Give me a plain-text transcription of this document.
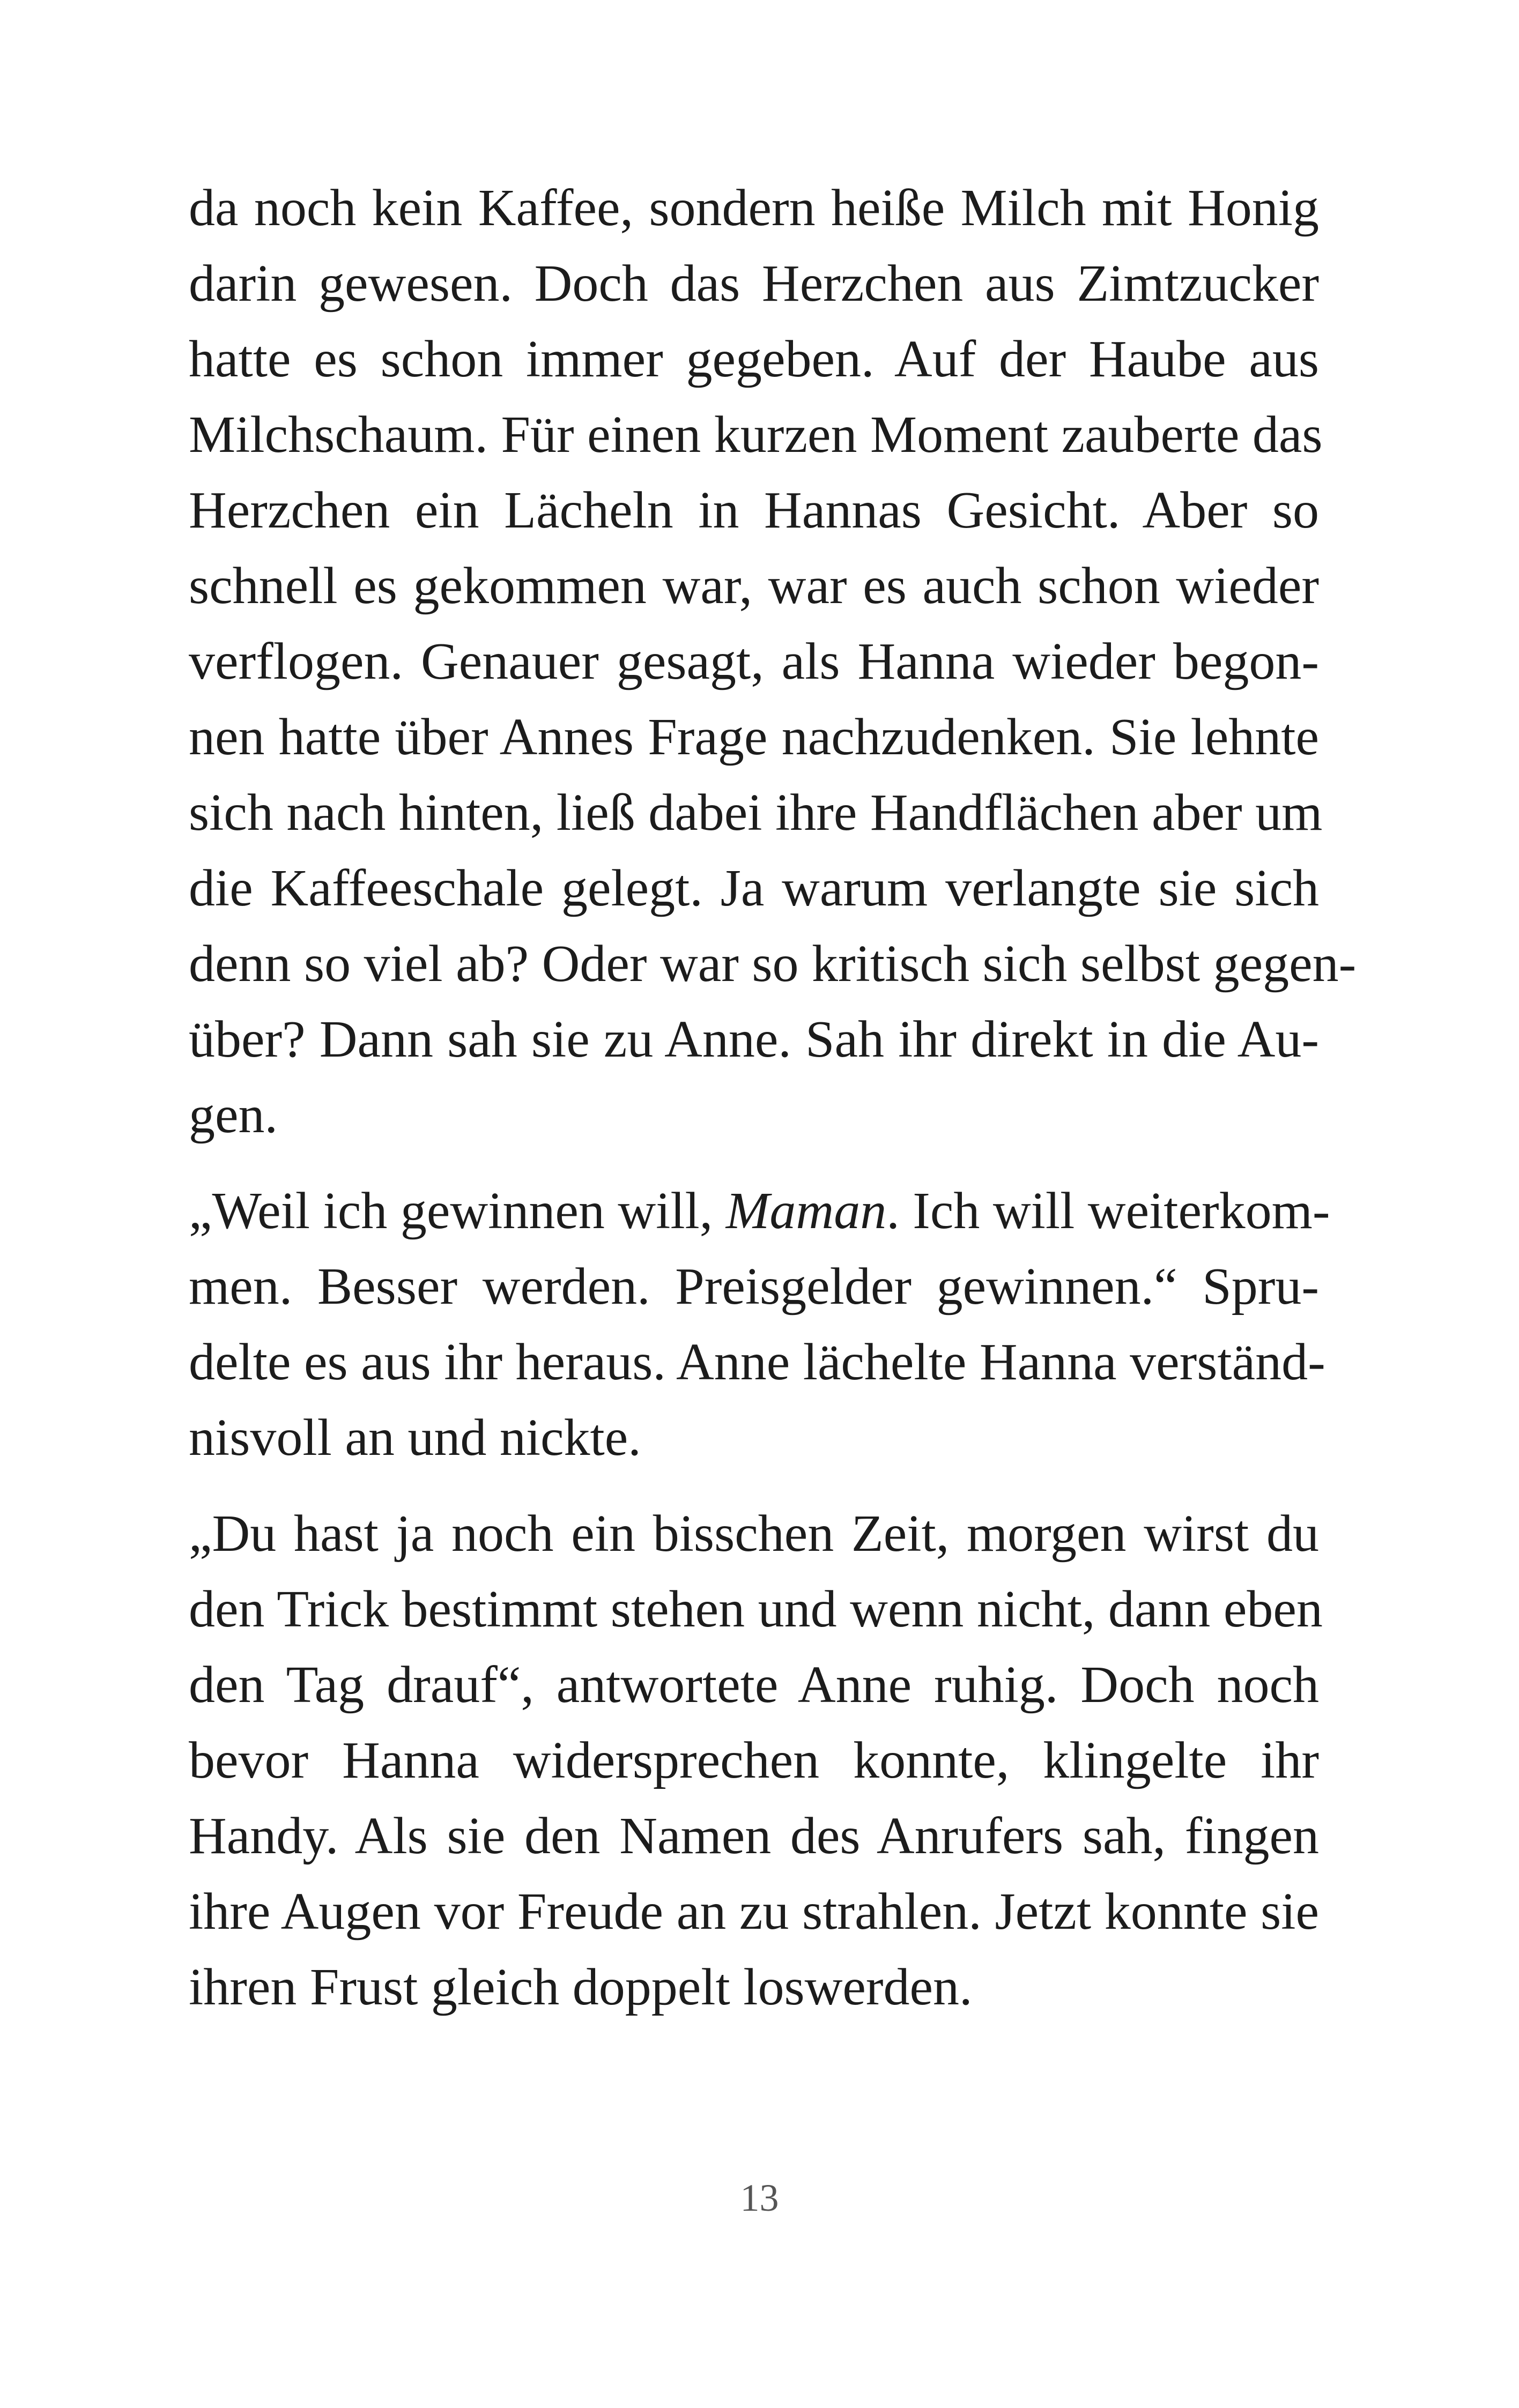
da noch kein Kaffee, sondern heiße Milch mit Honig
darin gewesen. Doch das Herzchen aus Zimtzucker
hatte es schon immer gegeben. Auf der Haube aus
Milchschaum. Für einen kurzen Moment zauberte das
Herzchen ein Lächeln in Hannas Gesicht. Aber so
schnell es gekommen war, war es auch schon wieder
verflogen. Genauer gesagt, als Hanna wieder begon-
nen hatte über Annes Frage nachzudenken. Sie lehnte
sich nach hinten, ließ dabei ihre Handflächen aber um
die Kaffeeschale gelegt. Ja warum verlangte sie sich
denn so viel ab? Oder war so kritisch sich selbst gegen-
über? Dann sah sie zu Anne. Sah ihr direkt in die Au-
gen.
„Weil ich gewinnen will, Maman. Ich will weiterkom-
men. Besser werden. Preisgelder gewinnen.“ Spru-
delte es aus ihr heraus. Anne lächelte Hanna verständ-
nisvoll an und nickte.
„Du hast ja noch ein bisschen Zeit, morgen wirst du
den Trick bestimmt stehen und wenn nicht, dann eben
den Tag drauf“, antwortete Anne ruhig. Doch noch
bevor Hanna widersprechen konnte, klingelte ihr
Handy. Als sie den Namen des Anrufers sah, fingen
ihre Augen vor Freude an zu strahlen. Jetzt konnte sie
ihren Frust gleich doppelt loswerden.
13
